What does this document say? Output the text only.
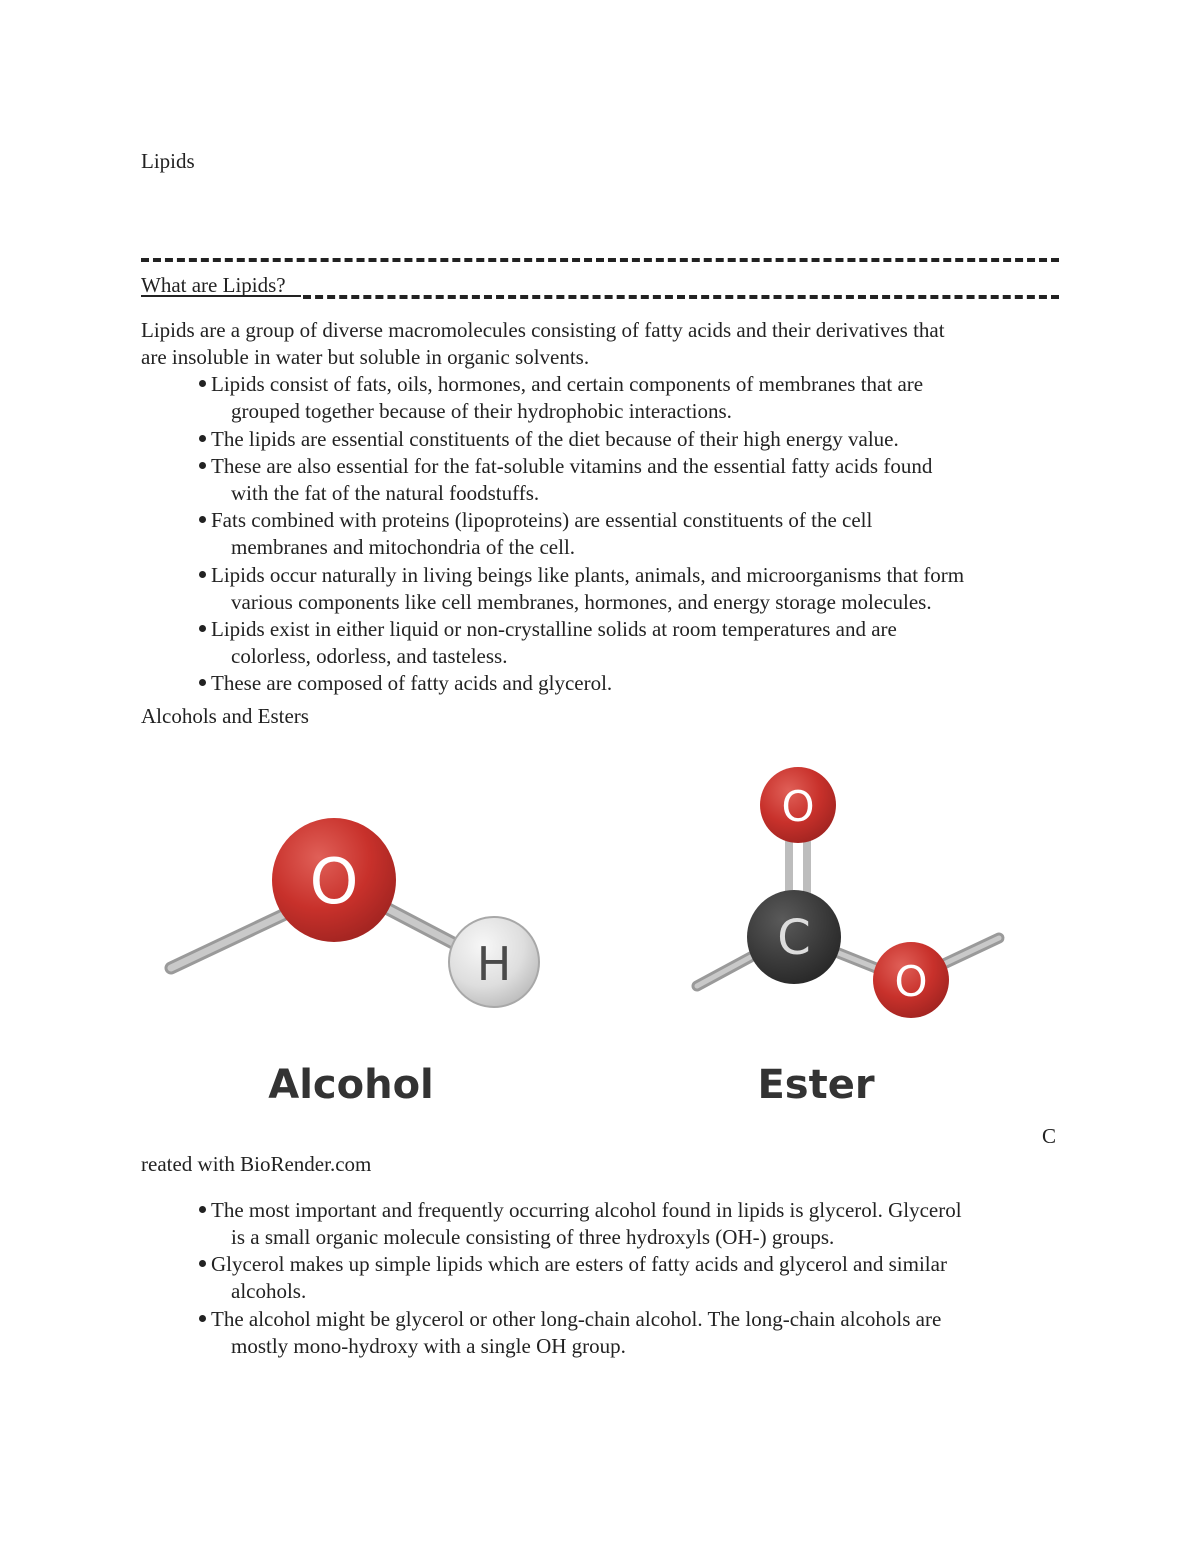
Lipids
What are Lipids?
Lipids are a group of diverse macromolecules consisting of fatty acids and their derivatives that
are insoluble in water but soluble in organic solvents.
Lipids consist of fats, oils, hormones, and certain components of membranes that are
grouped together because of their hydrophobic interactions.
The lipids are essential constituents of the diet because of their high energy value.
These are also essential for the fat-soluble vitamins and the essential fatty acids found
with the fat of the natural foodstuffs.
Fats combined with proteins (lipoproteins) are essential constituents of the cell
membranes and mitochondria of the cell.
Lipids occur naturally in living beings like plants, animals, and microorganisms that form
various components like cell membranes, hormones, and energy storage molecules.
Lipids exist in either liquid or non-crystalline solids at room temperatures and are
colorless, odorless, and tasteless.
These are composed of fatty acids and glycerol.
Alcohols and Esters
O
H
Alcohol
O
C
O
Ester
C
reated with BioRender.com
The most important and frequently occurring alcohol found in lipids is glycerol. Glycerol
is a small organic molecule consisting of three hydroxyls (OH-) groups.
Glycerol makes up simple lipids which are esters of fatty acids and glycerol and similar
alcohols.
The alcohol might be glycerol or other long-chain alcohol. The long-chain alcohols are
mostly mono-hydroxy with a single OH group.
